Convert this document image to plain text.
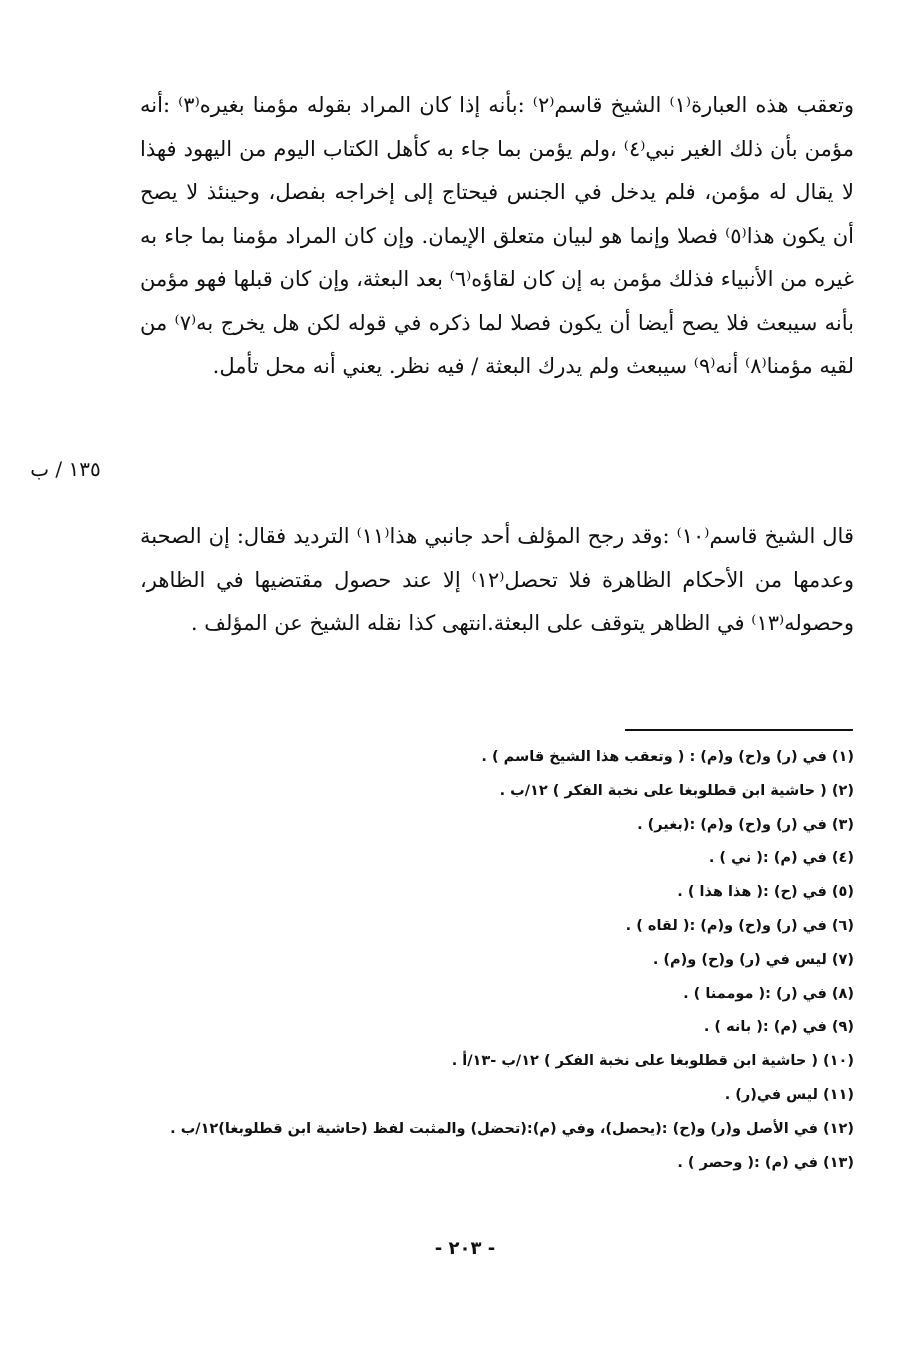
وتعقب هذه العبارة⁽١⁾ الشيخ قاسم⁽٢⁾ :بأنه إذا كان المراد بقوله مؤمنا بغيره⁽٣⁾ :أنه مؤمن بأن ذلك الغير نبي⁽٤⁾ ،ولم يؤمن بما جاء به كأهل الكتاب اليوم من اليهود فهذا لا يقال له مؤمن، فلم يدخل في الجنس فيحتاج إلى إخراجه بفصل، وحينئذ لا يصح أن يكون هذا⁽٥⁾ فصلا وإنما هو لبيان متعلق الإيمان. وإن كان المراد مؤمنا بما جاء به غيره من الأنبياء فذلك مؤمن به إن كان لقاؤه⁽٦⁾ بعد البعثة، وإن كان قبلها فهو مؤمن بأنه سيبعث فلا يصح أيضا أن يكون فصلا لما ذكره في قوله لكن هل يخرج به⁽٧⁾ من لقيه مؤمنا⁽٨⁾ أنه⁽٩⁾ سيبعث ولم يدرك البعثة / فيه نظر. يعني أنه محل تأمل.

١٣٥ / ب

قال الشيخ قاسم⁽١٠⁾ :وقد رجح المؤلف أحد جانبي هذا⁽١١⁾ الترديد فقال: إن الصحبة وعدمها من الأحكام الظاهرة فلا تحصل⁽١٢⁾ إلا عند حصول مقتضيها في الظاهر، وحصوله⁽١٣⁾ في الظاهر يتوقف على البعثة.انتهى كذا نقله الشيخ عن المؤلف .

(١) في (ر) و(ح) و(م) : ( وتعقب هذا الشيخ قاسم ) .
(٢) ( حاشية ابن قطلوبغا على نخبة الفكر ) ١٢/ب .
(٣) في (ر) و(ح) و(م) :(بغير) .
(٤) في (م) :( ني ) .
(٥) في (ح) :( هذا هذا ) .
(٦) في (ر) و(ح) و(م) :( لقاه ) .
(٧) ليس في (ر) و(ح) و(م) .
(٨) في (ر) :( موممنا ) .
(٩) في (م) :( بانه ) .
(١٠) ( حاشية ابن قطلوبغا على نخبة الفكر ) ١٢/ب -١٣/أ .
(١١) ليس في(ر) .
(١٢) في الأصل و(ر) و(ح) :(يحصل)، وفي (م):(تحضل) والمثبت لفظ (حاشية ابن قطلوبغا)١٢/ب .
(١٣) في (م) :( وحصر ) .
- ٢٠٣ -
